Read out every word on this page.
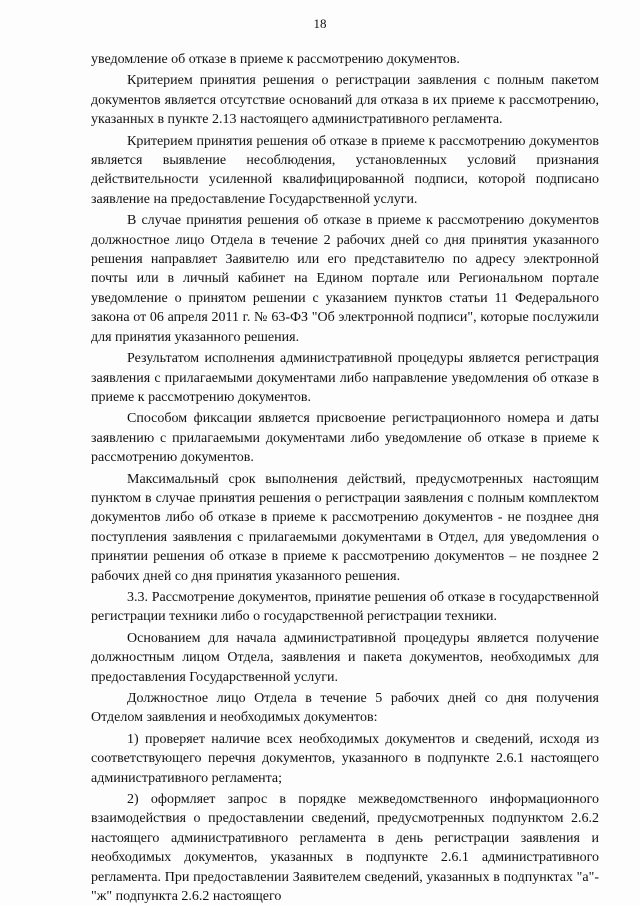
18

уведомление об отказе в приеме к рассмотрению документов.

Критерием принятия решения о регистрации заявления с полным пакетом документов является отсутствие оснований для отказа в их приеме к рассмотрению, указанных в пункте 2.13 настоящего административного регламента.

Критерием принятия решения об отказе в приеме к рассмотрению документов является выявление несоблюдения, установленных условий признания действительности усиленной квалифицированной подписи, которой подписано заявление на предоставление Государственной услуги.

В случае принятия решения об отказе в приеме к рассмотрению документов должностное лицо Отдела в течение 2 рабочих дней со дня принятия указанного решения направляет Заявителю или его представителю по адресу электронной почты или в личный кабинет на Едином портале или Региональном портале уведомление о принятом решении с указанием пунктов статьи 11 Федерального закона от 06 апреля 2011 г. № 63-ФЗ "Об электронной подписи", которые послужили для принятия указанного решения.

Результатом исполнения административной процедуры является регистрация заявления с прилагаемыми документами либо направление уведомления об отказе в приеме к рассмотрению документов.

Способом фиксации является присвоение регистрационного номера и даты заявлению с прилагаемыми документами либо уведомление об отказе в приеме к рассмотрению документов.

Максимальный срок выполнения действий, предусмотренных настоящим пунктом в случае принятия решения о регистрации заявления с полным комплектом документов либо об отказе в приеме к рассмотрению документов - не позднее дня поступления заявления с прилагаемыми документами в Отдел, для уведомления о принятии решения об отказе в приеме к рассмотрению документов – не позднее 2 рабочих дней со дня принятия указанного решения.

3.3. Рассмотрение документов, принятие решения об отказе в государственной регистрации техники либо о государственной регистрации техники.

Основанием для начала административной процедуры является получение должностным лицом Отдела, заявления и пакета документов, необходимых для предоставления Государственной услуги.

Должностное лицо Отдела в течение 5 рабочих дней со дня получения Отделом заявления и необходимых документов:

1) проверяет наличие всех необходимых документов и сведений, исходя из соответствующего перечня документов, указанного в подпункте 2.6.1 настоящего административного регламента;

2) оформляет запрос в порядке межведомственного информационного взаимодействия о предоставлении сведений, предусмотренных подпунктом 2.6.2 настоящего административного регламента в день регистрации заявления и необходимых документов, указанных в подпункте 2.6.1 административного регламента. При предоставлении Заявителем сведений, указанных в подпунктах "а"-"ж" подпункта 2.6.2 настоящего
